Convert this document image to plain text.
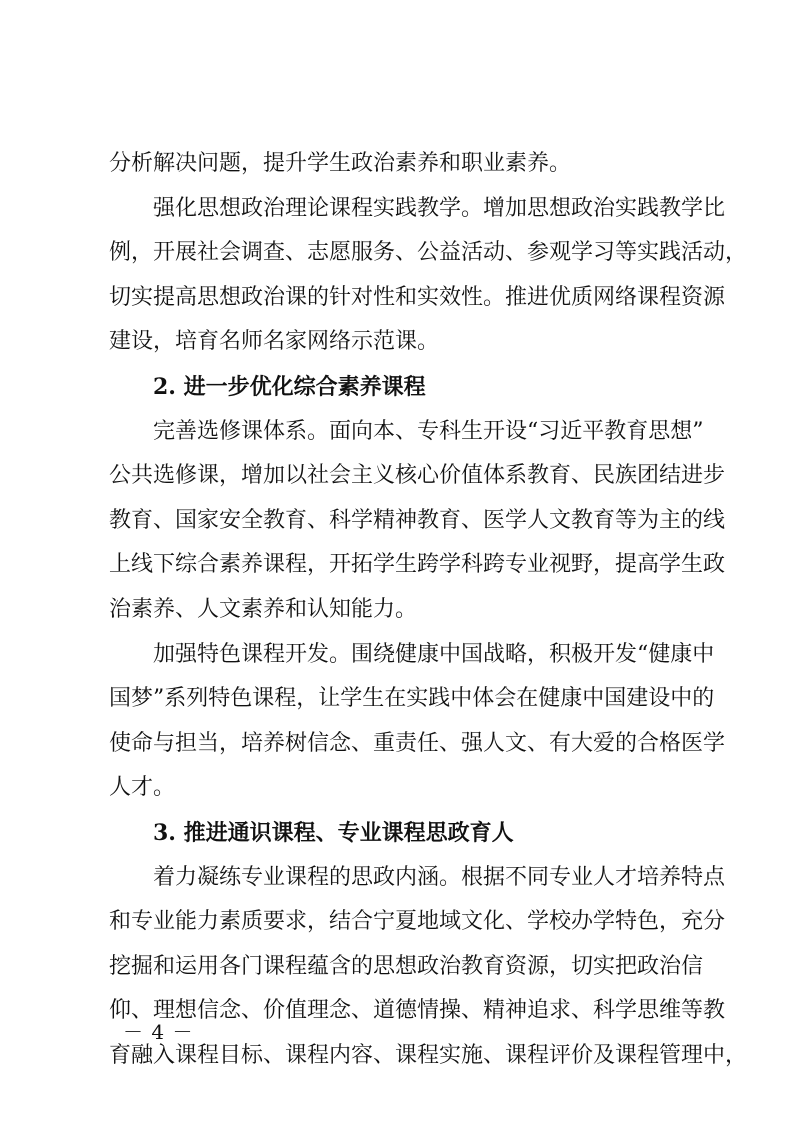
分析解决问题，提升学生政治素养和职业素养。
强化思想政治理论课程实践教学。增加思想政治实践教学比
例，开展社会调查、志愿服务、公益活动、参观学习等实践活动，
切实提高思想政治课的针对性和实效性。推进优质网络课程资源
建设，培育名师名家网络示范课。
2. 进一步优化综合素养课程
完善选修课体系。面向本、专科生开设“习近平教育思想”
公共选修课，增加以社会主义核心价值体系教育、民族团结进步
教育、国家安全教育、科学精神教育、医学人文教育等为主的线
上线下综合素养课程，开拓学生跨学科跨专业视野，提高学生政
治素养、人文素养和认知能力。
加强特色课程开发。围绕健康中国战略，积极开发“健康中
国梦”系列特色课程，让学生在实践中体会在健康中国建设中的
使命与担当，培养树信念、重责任、强人文、有大爱的合格医学
人才。
3. 推进通识课程、专业课程思政育人
着力凝练专业课程的思政内涵。根据不同专业人才培养特点
和专业能力素质要求，结合宁夏地域文化、学校办学特色，充分
挖掘和运用各门课程蕴含的思想政治教育资源，切实把政治信
仰、理想信念、价值理念、道德情操、精神追求、科学思维等教
育融入课程目标、课程内容、课程实施、课程评价及课程管理中，
－ 4 －
